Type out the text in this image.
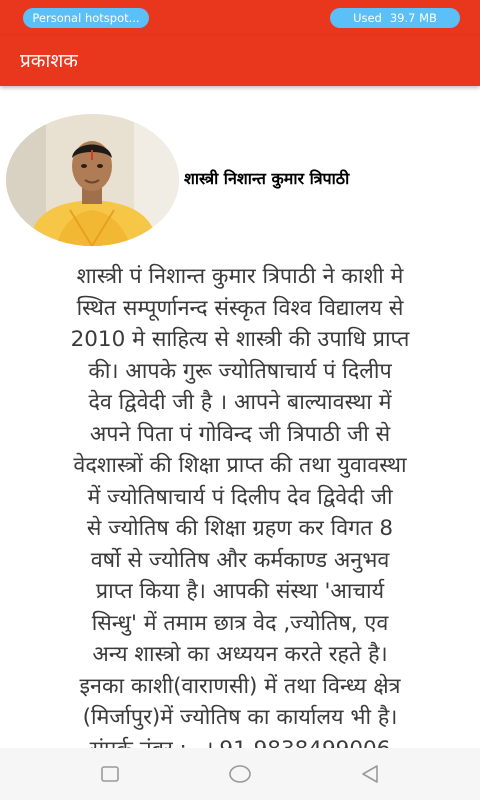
Personal hotspot...	Used 39.7 MB
प्रकाशक
शास्त्री निशान्त कुमार त्रिपाठी
शास्त्री पं निशान्त कुमार त्रिपाठी ने काशी मे
स्थित सम्पूर्णानन्द संस्कृत विश्व विद्यालय से
2010 मे साहित्य से शास्त्री की उपाधि प्राप्त
की। आपके गुरू ज्योतिषाचार्य पं दिलीप
देव द्विवेदी जी है । आपने बाल्यावस्था में
अपने पिता पं गोविन्द जी त्रिपाठी जी से
वेदशास्त्रों की शिक्षा प्राप्त की तथा युवावस्था
में ज्योतिषाचार्य पं दिलीप देव द्विवेदी जी
से ज्योतिष की शिक्षा ग्रहण कर विगत 8
वर्षो से ज्योतिष और कर्मकाण्ड अनुभव
प्राप्त किया है। आपकी संस्था 'आचार्य
सिन्धु' में तमाम छात्र वेद ,ज्योतिष, एव
अन्य शास्त्रो का अध्ययन करते रहते है।
इनका काशी(वाराणसी) में तथा विन्ध्य क्षेत्र
(मिर्जापुर)में ज्योतिष का कार्यालय भी है।
